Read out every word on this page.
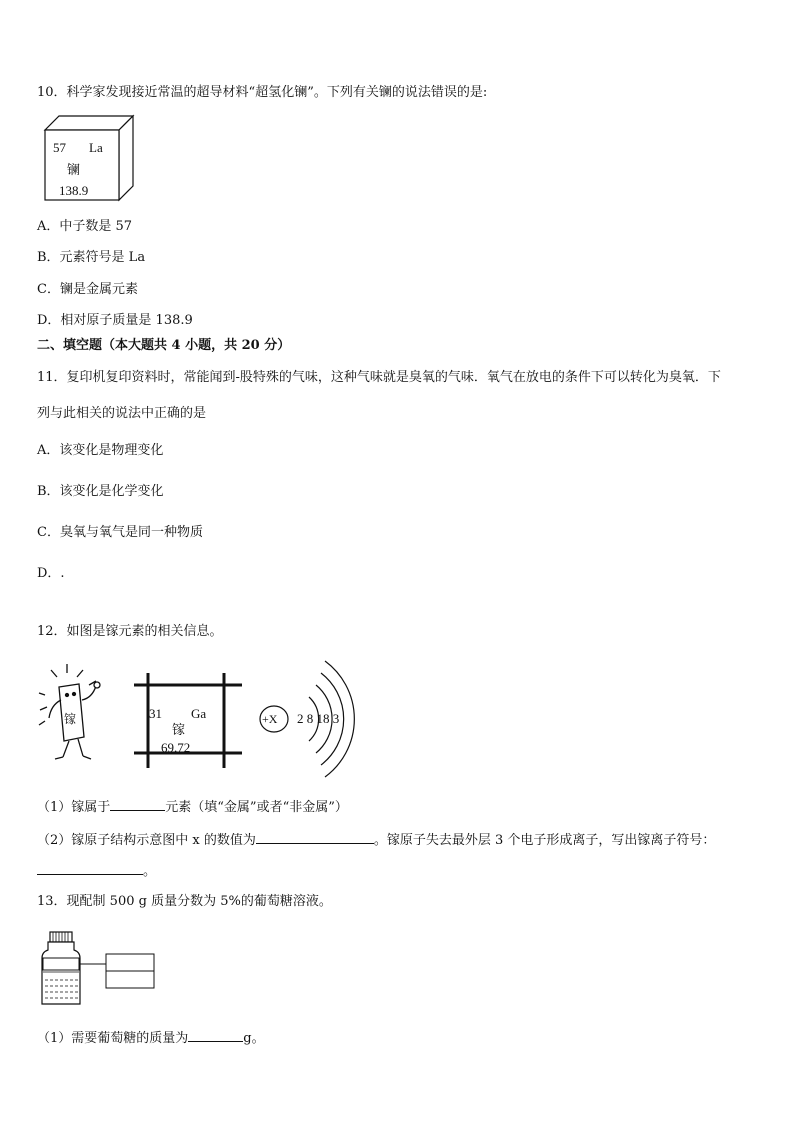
10．科学家发现接近常温的超导材料“超氢化镧”。下列有关镧的说法错误的是:
57 La
镧
138.9
A．中子数是 57
B．元素符号是 La
C．镧是金属元素
D．相对原子质量是 138.9
二、填空题（本大题共 4 小题，共 20 分）
11．复印机复印资料时，常能闻到-股特殊的气味，这种气味就是臭氧的气味．氧气在放电的条件下可以转化为臭氧．下
列与此相关的说法中正确的是
A．该变化是物理变化
B．该变化是化学变化
C．臭氧与氧气是同一种物质
D．.
12．如图是镓元素的相关信息。
镓	31 Ga
镓
69.72
+X 2 8 18 3
（1）镓属于	元素（填“金属”或者“非金属”）
（2）镓原子结构示意图中 x 的数值为	。镓原子失去最外层 3 个电子形成离子，写出镓离子符号：
。
13．现配制 500 g 质量分数为 5%的葡萄糖溶液。
（1）需要葡萄糖的质量为	g。
